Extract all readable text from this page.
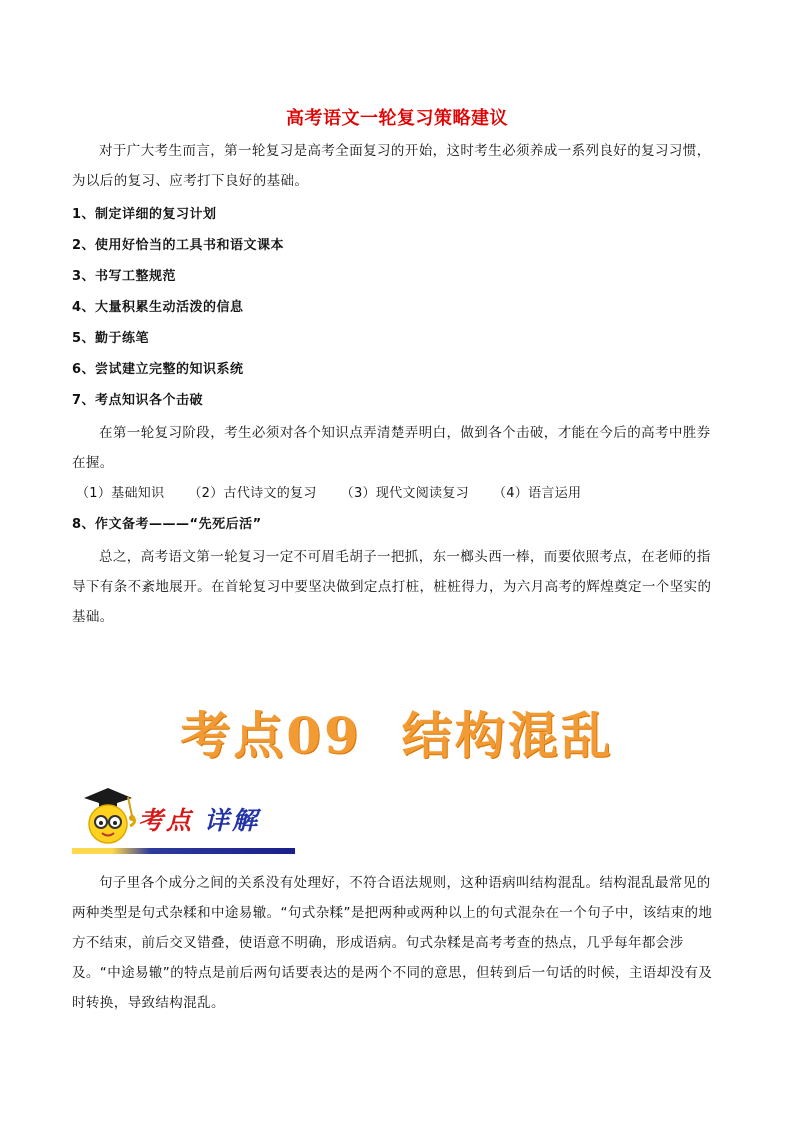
高考语文一轮复习策略建议

对于广大考生而言，第一轮复习是高考全面复习的开始，这时考生必须养成一系列良好的复习习惯，为以后的复习、应考打下良好的基础。

1、制定详细的复习计划
2、使用好恰当的工具书和语文课本
3、书写工整规范
4、大量积累生动活泼的信息
5、勤于练笔
6、尝试建立完整的知识系统
7、考点知识各个击破

在第一轮复习阶段，考生必须对各个知识点弄清楚弄明白，做到各个击破，才能在今后的高考中胜券在握。

（1）基础知识 （2）古代诗文的复习 （3）现代文阅读复习 （4）语言运用
8、作文备考———“先死后活”

总之，高考语文第一轮复习一定不可眉毛胡子一把抓，东一榔头西一棒，而要依照考点，在老师的指导下有条不紊地展开。在首轮复习中要坚决做到定点打桩，桩桩得力，为六月高考的辉煌奠定一个坚实的基础。

考点09 结构混乱
考点 详解

句子里各个成分之间的关系没有处理好，不符合语法规则，这种语病叫结构混乱。结构混乱最常见的两种类型是句式杂糅和中途易辙。“句式杂糅”是把两种或两种以上的句式混杂在一个句子中，该结束的地方不结束，前后交叉错叠，使语意不明确，形成语病。句式杂糅是高考考查的热点，几乎每年都会涉及。“中途易辙”的特点是前后两句话要表达的是两个不同的意思，但转到后一句话的时候，主语却没有及时转换，导致结构混乱。
